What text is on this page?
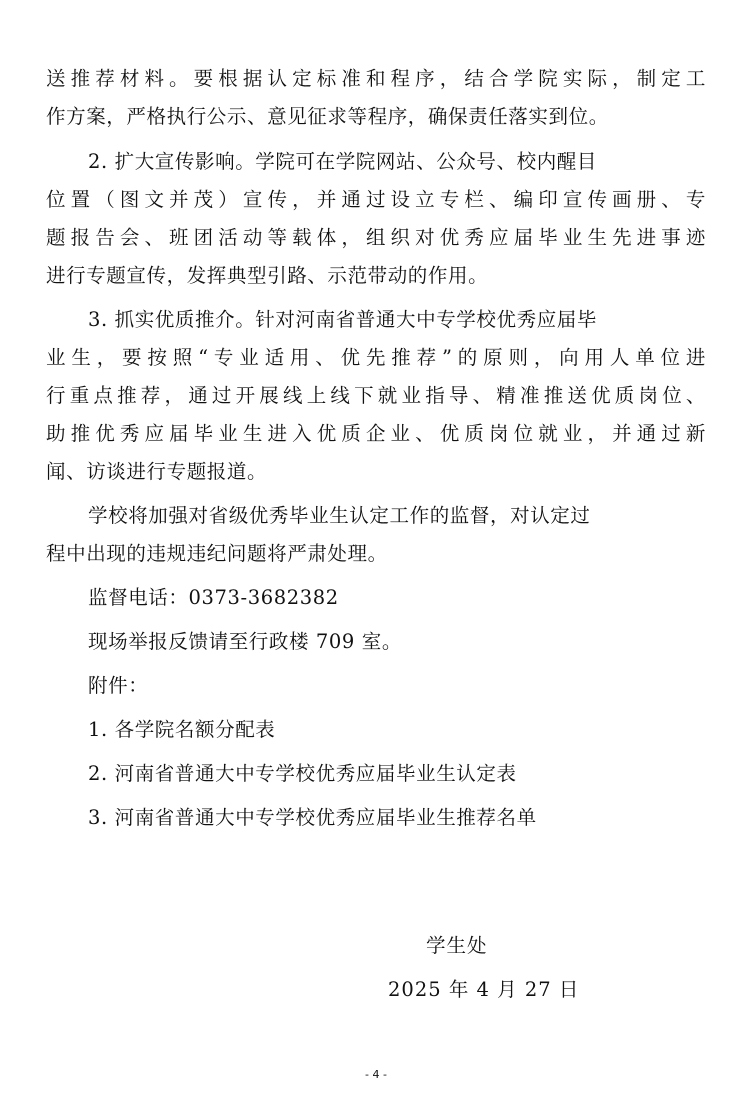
送推荐材料。要根据认定标准和程序，结合学院实际，制定工
作方案，严格执行公示、意见征求等程序，确保责任落实到位。
2. 扩大宣传影响。学院可在学院网站、公众号、校内醒目
位置（图文并茂）宣传，并通过设立专栏、编印宣传画册、专
题报告会、班团活动等载体，组织对优秀应届毕业生先进事迹
进行专题宣传，发挥典型引路、示范带动的作用。
3. 抓实优质推介。针对河南省普通大中专学校优秀应届毕
业生，要按照“专业适用、优先推荐”的原则，向用人单位进
行重点推荐，通过开展线上线下就业指导、精准推送优质岗位、
助推优秀应届毕业生进入优质企业、优质岗位就业，并通过新
闻、访谈进行专题报道。
学校将加强对省级优秀毕业生认定工作的监督，对认定过
程中出现的违规违纪问题将严肃处理。
监督电话：0373-3682382
现场举报反馈请至行政楼 709 室。
附件：
1. 各学院名额分配表
2. 河南省普通大中专学校优秀应届毕业生认定表
3. 河南省普通大中专学校优秀应届毕业生推荐名单
学生处
2025 年 4 月 27 日
- 4 -
